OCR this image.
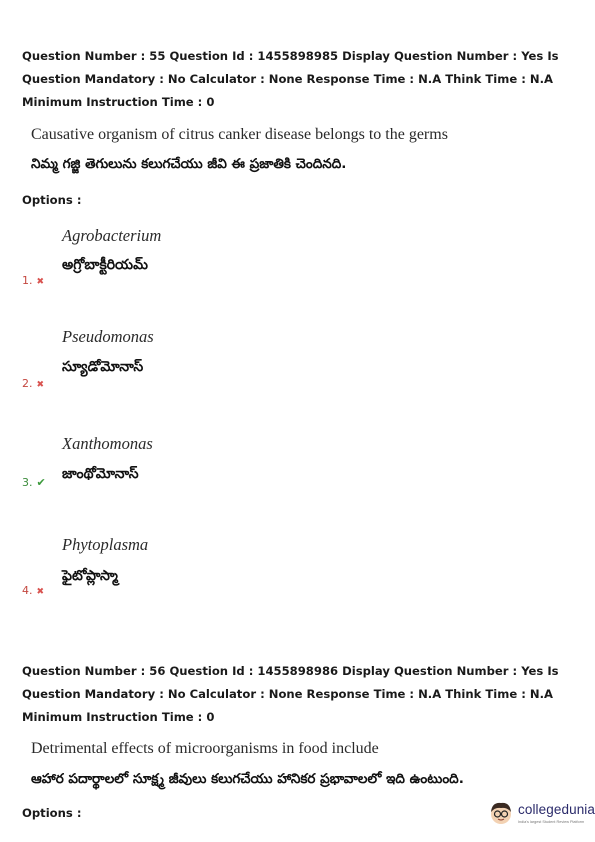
Question Number : 55 Question Id : 1455898985 Display Question Number : Yes Is Question Mandatory : No Calculator : None Response Time : N.A Think Time : N.A Minimum Instruction Time : 0
Causative organism of citrus canker disease belongs to the germs
నిమ్మ గజ్జి తెగులును కలుగచేయు జీవి ఈ ప్రజాతికి చెందినది.
Options :
Agrobacterium
అగ్రోబాక్టీరియమ్
1. ✖
Pseudomonas
స్యూడోమోనాస్
2. ✖
Xanthomonas
జాంథోమోనాస్
3. ✔
Phytoplasma
ఫైటోప్లాస్మా
4. ✖
Question Number : 56 Question Id : 1455898986 Display Question Number : Yes Is Question Mandatory : No Calculator : None Response Time : N.A Think Time : N.A Minimum Instruction Time : 0
Detrimental effects of microorganisms in food include
ఆహార పదార్థాలలో సూక్ష్మ జీవులు కలుగచేయు హానికర ప్రభావాలలో ఇది ఉంటుంది.
Options :	collegedunia
India's largest Student Review Platform
